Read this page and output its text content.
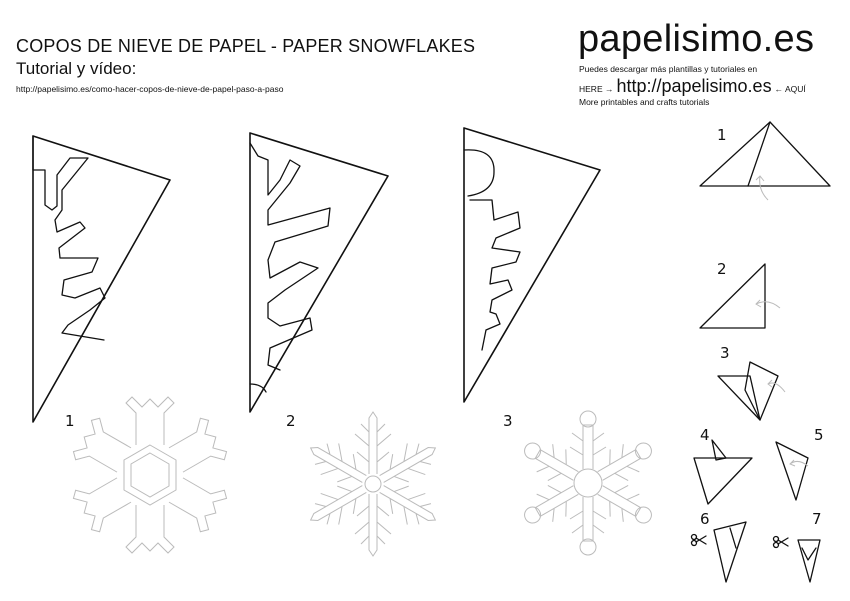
COPOS DE NIEVE DE PAPEL - PAPER SNOWFLAKES
Tutorial y vídeo:
http://papelisimo.es/como-hacer-copos-de-nieve-de-papel-paso-a-paso
papelisimo.es
Puedes descargar más plantillas y tutoriales en
HERE → http://papelisimo.es ← AQUÍ
More printables and crafts tutorials
1	2	3
1
2
3
4	5
6	7
